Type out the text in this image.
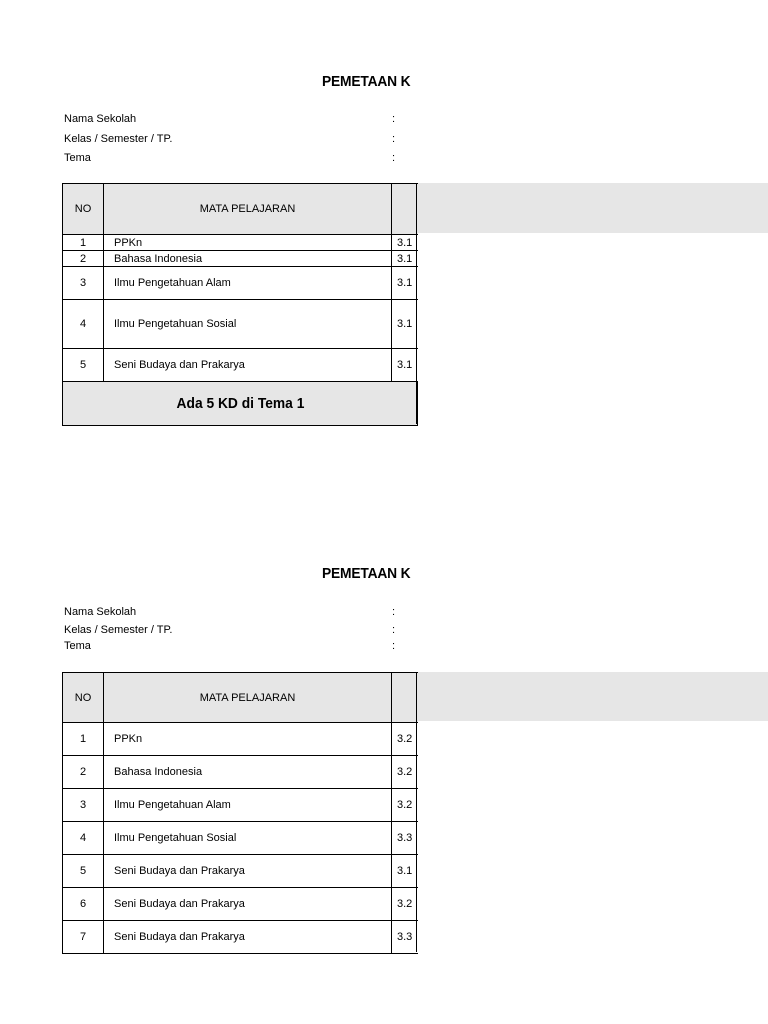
PEMETAAN K
Nama Sekolah	:
Kelas / Semester / TP.	:
Tema	:
NO	MATA PELAJARAN	
1	PPKn	3.1
2	Bahasa Indonesia	3.1
3	Ilmu Pengetahuan Alam	3.1
4	Ilmu Pengetahuan Sosial	3.1
5	Seni Budaya dan Prakarya	3.1
Ada 5 KD di Tema 1		
PEMETAAN K
Nama Sekolah	:
Kelas / Semester / TP.	:
Tema	:
NO	MATA PELAJARAN	
1	PPKn	3.2
2	Bahasa Indonesia	3.2
3	Ilmu Pengetahuan Alam	3.2
4	Ilmu Pengetahuan Sosial	3.3
5	Seni Budaya dan Prakarya	3.1
6	Seni Budaya dan Prakarya	3.2
7	Seni Budaya dan Prakarya	3.3
